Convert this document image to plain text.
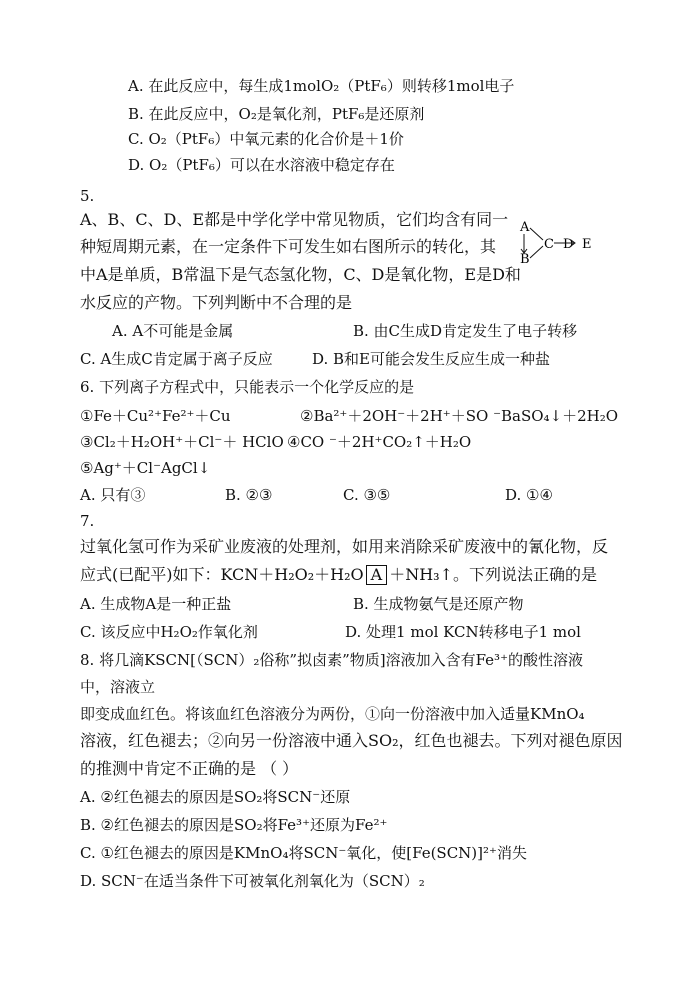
A. 在此反应中，每生成1molO₂（PtF₆）则转移1mol电子
B. 在此反应中，O₂是氧化剂，PtF₆是还原剂
C. O₂（PtF₆）中氧元素的化合价是＋1价
D. O₂（PtF₆）可以在水溶液中稳定存在
5.
A、B、C、D、E都是中学化学中常见物质，它们均含有同一
种短周期元素，在一定条件下可发生如右图所示的转化，其
中A是单质，B常温下是气态氢化物，C、D是氧化物，E是D和
水反应的产物。下列判断中不合理的是
A
B
C D E
A. A不可能是金属	B. 由C生成D肯定发生了电子转移
C. A生成C肯定属于离子反应	D. B和E可能会发生反应生成一种盐
6. 下列离子方程式中，只能表示一个化学反应的是
①Fe＋Cu²⁺Fe²⁺＋Cu	②Ba²⁺＋2OH⁻＋2H⁺＋SO ⁻BaSO₄↓＋2H₂O
③Cl₂＋H₂OH⁺＋Cl⁻＋ HClO ④CO ⁻＋2H⁺CO₂↑＋H₂O
⑤Ag⁺＋Cl⁻AgCl↓
A. 只有③	B. ②③	C. ③⑤	D. ①④
7.
过氧化氢可作为采矿业废液的处理剂，如用来消除采矿废液中的氰化物，反
应式(已配平)如下：KCN＋H₂O₂＋H₂O A ＋NH₃↑。下列说法正确的是
A. 生成物A是一种正盐	B. 生成物氨气是还原产物
C. 该反应中H₂O₂作氧化剂	D. 处理1 mol KCN转移电子1 mol
8. 将几滴KSCN[（SCN）₂俗称”拟卤素”物质]溶液加入含有Fe³⁺的酸性溶液
中，溶液立
即变成血红色。将该血红色溶液分为两份，①向一份溶液中加入适量KMnO₄
溶液，红色褪去；②向另一份溶液中通入SO₂，红色也褪去。下列对褪色原因
的推测中肯定不正确的是 （ ）
A. ②红色褪去的原因是SO₂将SCN⁻还原
B. ②红色褪去的原因是SO₂将Fe³⁺还原为Fe²⁺
C. ①红色褪去的原因是KMnO₄将SCN⁻氧化，使[Fe(SCN)]²⁺消失
D. SCN⁻在适当条件下可被氧化剂氧化为（SCN）₂
